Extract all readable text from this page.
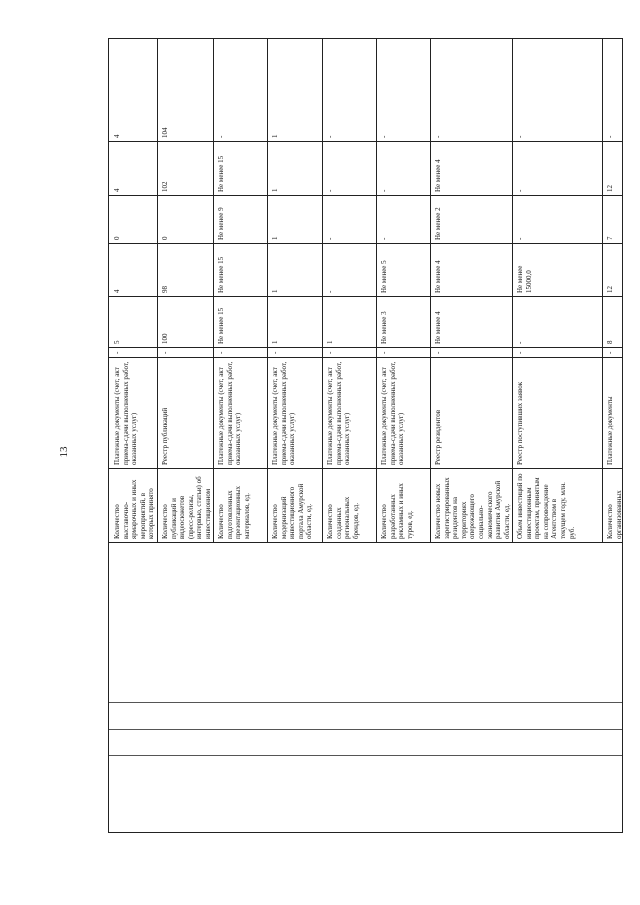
13
Количество выставочно-ярмарочных и иных мероприятий, в которых принято
Платежные документы (счет, акт приема-сдачи выполненных работ, оказанных услуг)
-
5
4
0
4
4
Количество публикаций и видеосюжетов (пресс-релизы, интервью, статьи) об инвестиционном
Реестр публикаций
-
100
98
0
102
104
Количество подготовленных презентационных материалов, ед.
Платежные документы (счет, акт приема-сдачи выполненных работ, оказанных услуг)
-
Не менее 15
Не менее 15
Не менее 9
Не менее 15
-
Количество модернизаций инвестиционного портала Амурской области, ед.
Платежные документы (счет, акт приема-сдачи выполненных работ, оказанных услуг)
-
1
1
1
1
1
Количество созданных региональных брендов, ед.
Платежные документы (счет, акт приема-сдачи выполненных работ, оказанных услуг)
-
1
-
-
-
-
Количество разработанных рекламных и иных туров, ед.
Платежные документы (счет, акт приема-сдачи выполненных работ, оказанных услуг)
-
Не менее 3
Не менее 5
-
-
-
Количество новых зарегистрированных резидентов на территориях опережающего социально-экономического развития Амурской области, ед.
Реестр резидентов
-
Не менее 4
Не менее 4
Не менее 2
Не менее 4
-
Объем инвестиций по инвестиционным проектам, принятым на сопровождение Агентством в текущем году, млн. руб.
Реестр поступивших заявок
-
-
Не менее 15000,0
-
-
-
Количество организованных
Платежные документы
-
8
12
7
12
-
